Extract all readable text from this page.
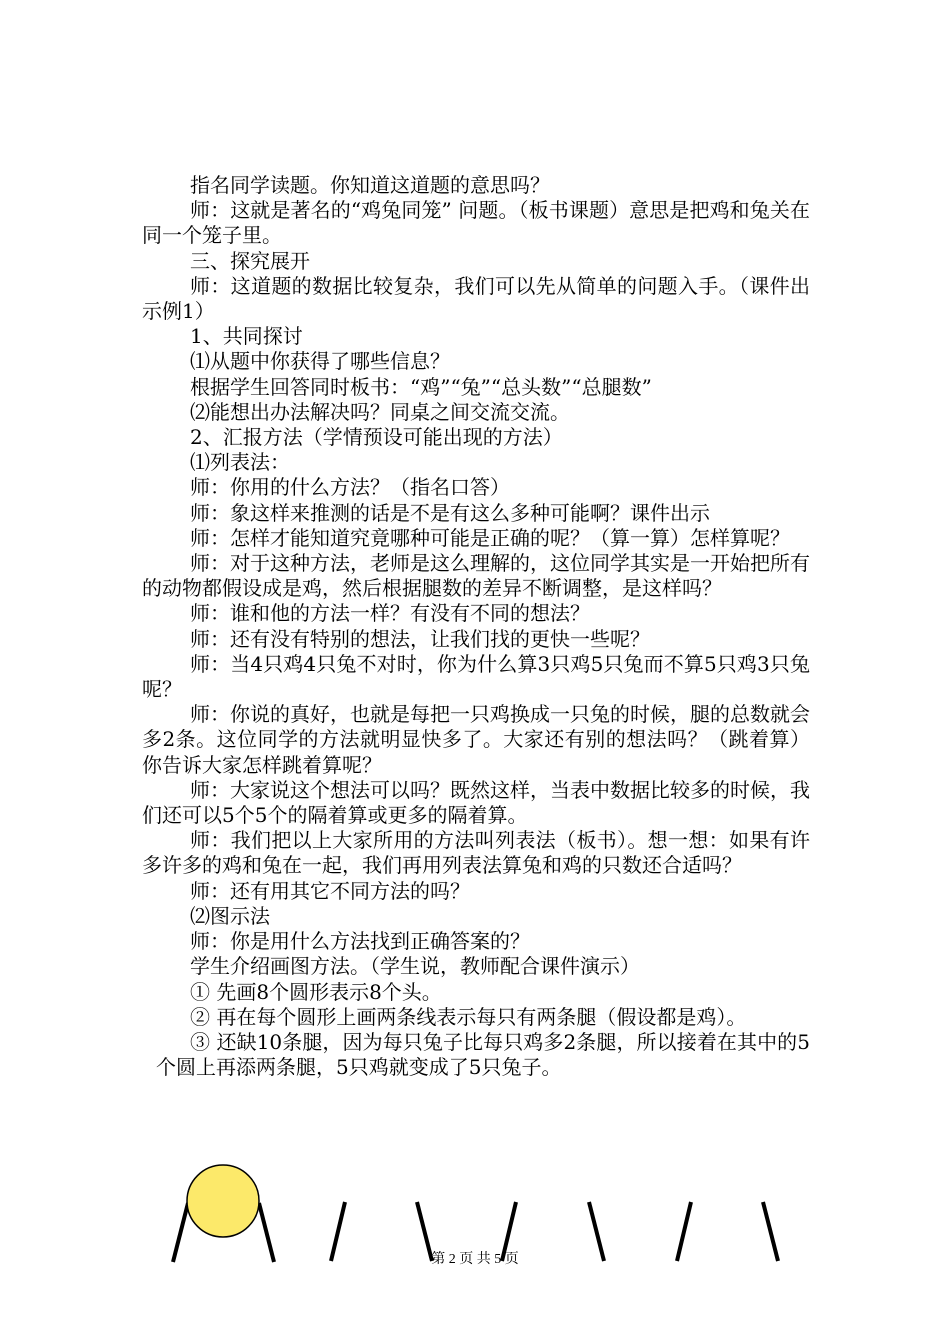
指名同学读题。你知道这道题的意思吗？

师：这就是著名的“鸡兔同笼” 问题。（板书课题）意思是把鸡和兔关在同一个笼子里。

三、探究展开

师：这道题的数据比较复杂，我们可以先从简单的问题入手。（课件出示例1）

1、共同探讨

⑴从题中你获得了哪些信息？

根据学生回答同时板书：“鸡”“兔”“总头数”“总腿数”

⑵能想出办法解决吗？同桌之间交流交流。

2、汇报方法（学情预设可能出现的方法）

⑴列表法：

师：你用的什么方法？（指名口答）

师：象这样来推测的话是不是有这么多种可能啊？课件出示

师：怎样才能知道究竟哪种可能是正确的呢？（算一算）怎样算呢？

师：对于这种方法，老师是这么理解的，这位同学其实是一开始把所有的动物都假设成是鸡，然后根据腿数的差异不断调整，是这样吗？

师：谁和他的方法一样？有没有不同的想法？

师：还有没有特别的想法，让我们找的更快一些呢？

师：当4只鸡4只兔不对时，你为什么算3只鸡5只兔而不算5只鸡3只兔呢？

师：你说的真好，也就是每把一只鸡换成一只兔的时候，腿的总数就会多2条。这位同学的方法就明显快多了。大家还有别的想法吗？（跳着算）你告诉大家怎样跳着算呢？

师：大家说这个想法可以吗？既然这样，当表中数据比较多的时候，我们还可以5个5个的隔着算或更多的隔着算。

师：我们把以上大家所用的方法叫列表法（板书）。想一想：如果有许多许多的鸡和兔在一起，我们再用列表法算兔和鸡的只数还合适吗？

师：还有用其它不同方法的吗？

⑵图示法

师：你是用什么方法找到正确答案的？

学生介绍画图方法。（学生说，教师配合课件演示）

① 先画8个圆形表示8个头。

② 再在每个圆形上画两条线表示每只有两条腿（假设都是鸡）。

③ 还缺10条腿，因为每只兔子比每只鸡多2条腿，所以接着在其中的5个圆上再添两条腿，5只鸡就变成了5只兔子。

第 2 页 共 5 页
